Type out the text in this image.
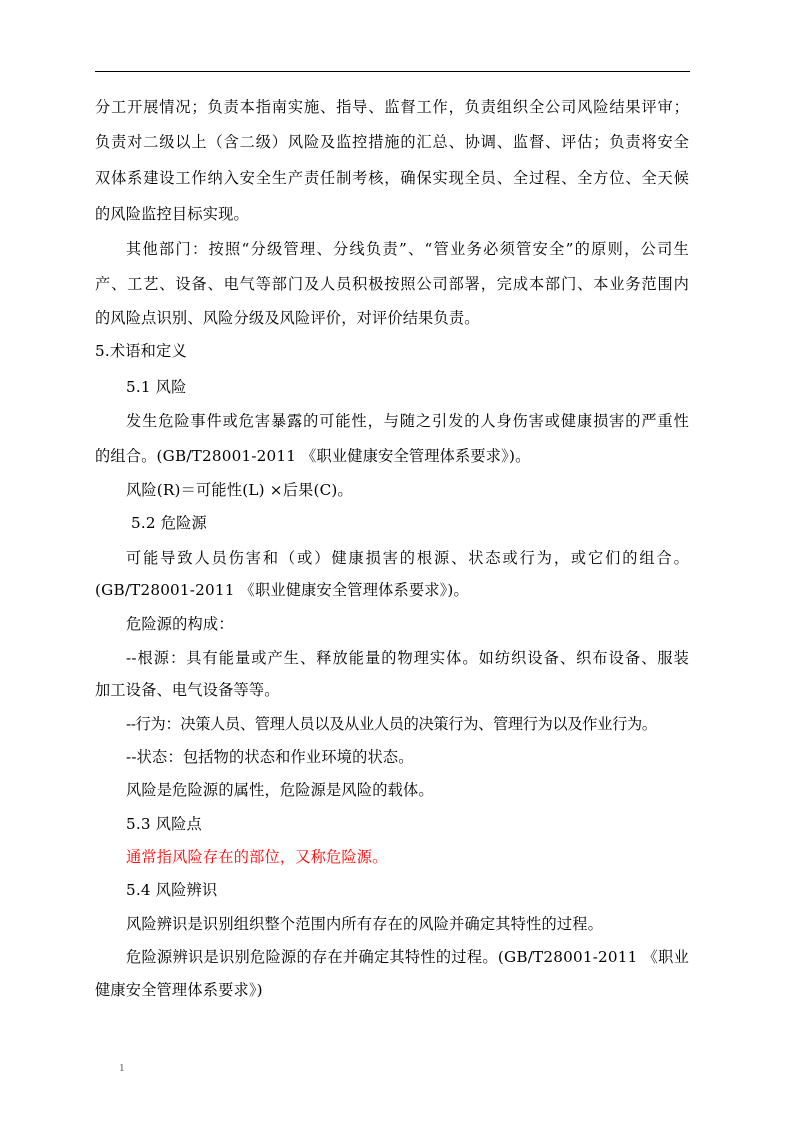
分工开展情况；负责本指南实施、指导、监督工作，负责组织全公司风险结果评审；
负责对二级以上（含二级）风险及监控措施的汇总、协调、监督、评估；负责将安全
双体系建设工作纳入安全生产责任制考核，确保实现全员、全过程、全方位、全天候
的风险监控目标实现。
其他部门：按照“分级管理、分线负责”、“管业务必须管安全”的原则，公司生
产、工艺、设备、电气等部门及人员积极按照公司部署，完成本部门、本业务范围内
的风险点识别、风险分级及风险评价，对评价结果负责。
5.术语和定义
5.1 风险
发生危险事件或危害暴露的可能性，与随之引发的人身伤害或健康损害的严重性
的组合。(GB/T28001-2011 《职业健康安全管理体系要求》)。
风险(R)＝可能性(L) ×后果(C)。
5.2 危险源
可能导致人员伤害和（或）健康损害的根源、状态或行为，或它们的组合。
(GB/T28001-2011 《职业健康安全管理体系要求》)。
危险源的构成：
--根源：具有能量或产生、释放能量的物理实体。如纺织设备、织布设备、服装
加工设备、电气设备等等。
--行为：决策人员、管理人员以及从业人员的决策行为、管理行为以及作业行为。
--状态：包括物的状态和作业环境的状态。
风险是危险源的属性，危险源是风险的载体。
5.3 风险点
通常指风险存在的部位，又称危险源。
5.4 风险辨识
风险辨识是识别组织整个范围内所有存在的风险并确定其特性的过程。
危险源辨识是识别危险源的存在并确定其特性的过程。(GB/T28001-2011 《职业
健康安全管理体系要求》)
1
